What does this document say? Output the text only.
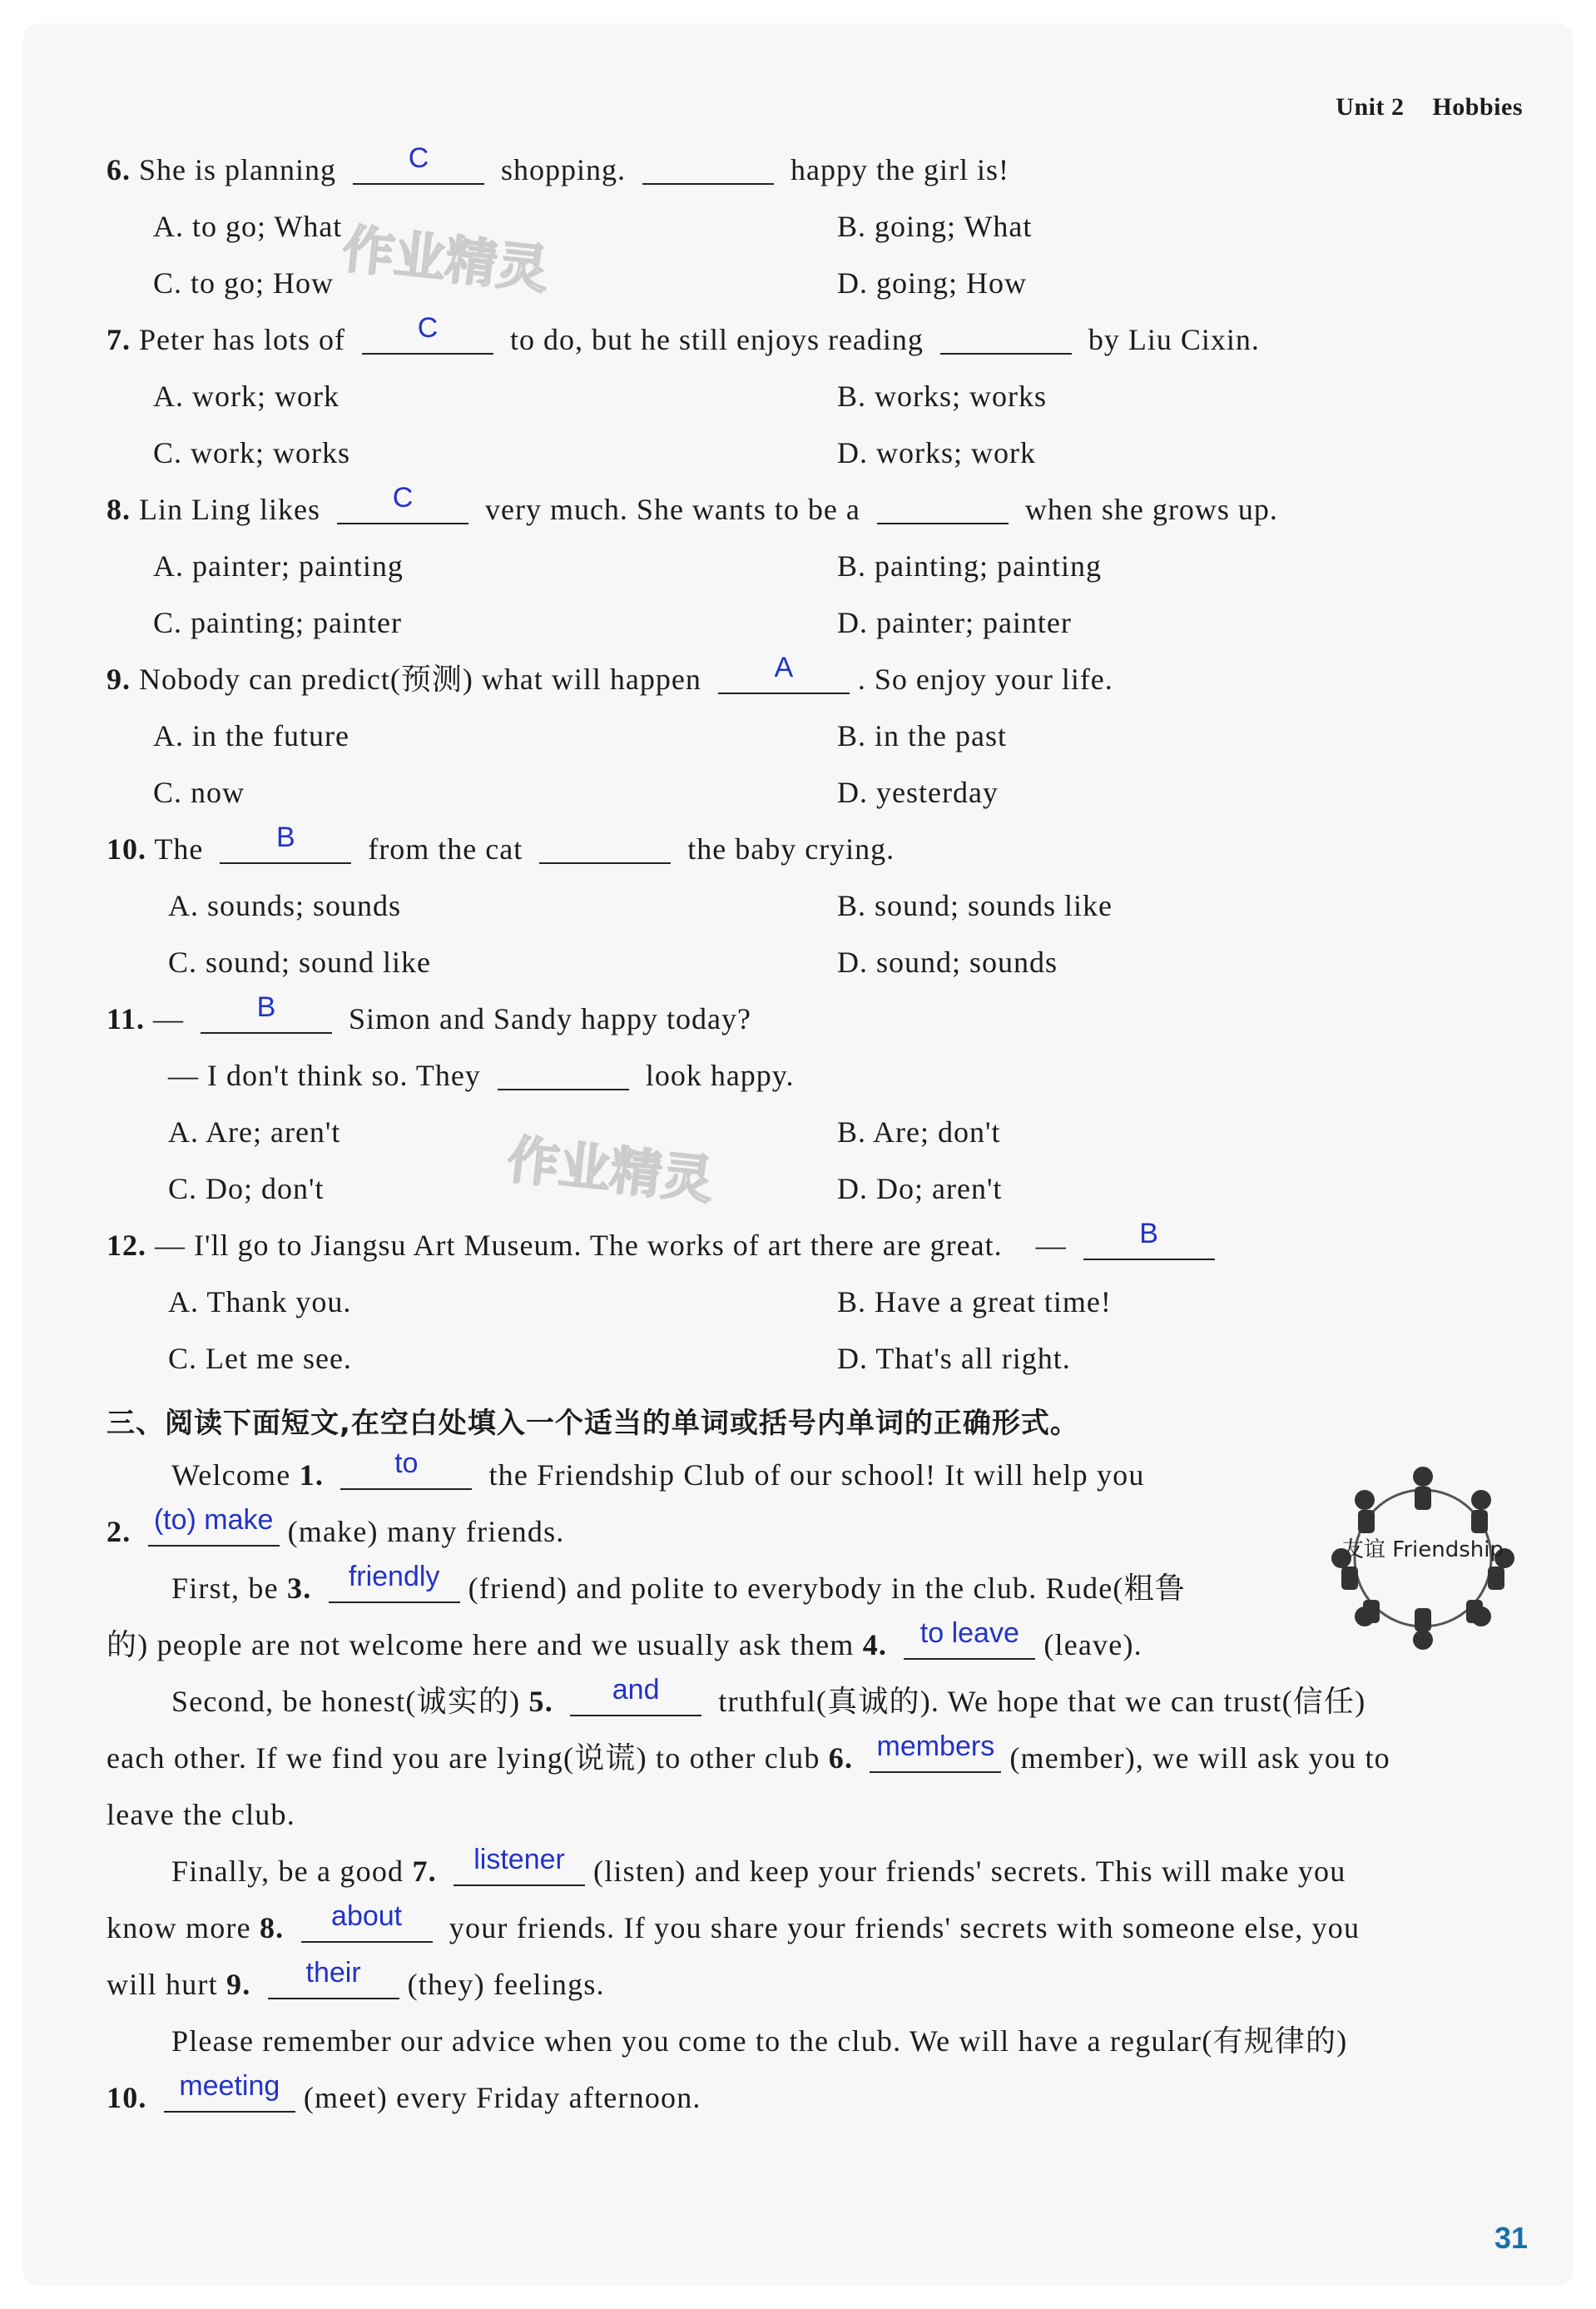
Unit 2 Hobbies
作业精灵
作业精灵
6. She is planning	C	shopping.	happy the girl is!
A. to go; What	B. going; What
C. to go; How	D. going; How
7. Peter has lots of	C	to do, but he still enjoys reading	by Liu Cixin.
A. work; work	B. works; works
C. work; works	D. works; work
8. Lin Ling likes	C	very much. She wants to be a	when she grows up.
A. painter; painting	B. painting; painting
C. painting; painter	D. painter; painter
9. Nobody can predict(预测) what will happen	A	. So enjoy your life.
A. in the future	B. in the past
C. now	D. yesterday
10. The	B	from the cat	the baby crying.
A. sounds; sounds	B. sound; sounds like
C. sound; sound like	D. sound; sounds
11. —	B	Simon and Sandy happy today?
— I don't think so. They	look happy.
A. Are; aren't	B. Are; don't
C. Do; don't	D. Do; aren't
12. — I'll go to Jiangsu Art Museum. The works of art there are great. —	B
A. Thank you.	B. Have a great time!
C. Let me see.	D. That's all right.
三、阅读下面短文,在空白处填入一个适当的单词或括号内单词的正确形式。
Welcome 1.	to	the Friendship Club of our school! It will help you
2. (to) make (make) many friends.
First, be 3.	friendly (friend) and polite to everybody in the club. Rude(粗鲁
的) people are not welcome here and we usually ask them 4.	to leave (leave).
Second, be honest(诚实的) 5.	and	truthful(真诚的). We hope that we can trust(信任)
each other. If we find you are lying(说谎) to other club 6. members (member), we will ask you to
leave the club.
Finally, be a good 7.	listener (listen) and keep your friends' secrets. This will make you
know more 8.	about	your friends. If you share your friends' secrets with someone else, you
will hurt 9.	their	(they) feelings.
Please remember our advice when you come to the club. We will have a regular(有规律的)
10.	meeting (meet) every Friday afternoon.
友谊 Friendship
31
